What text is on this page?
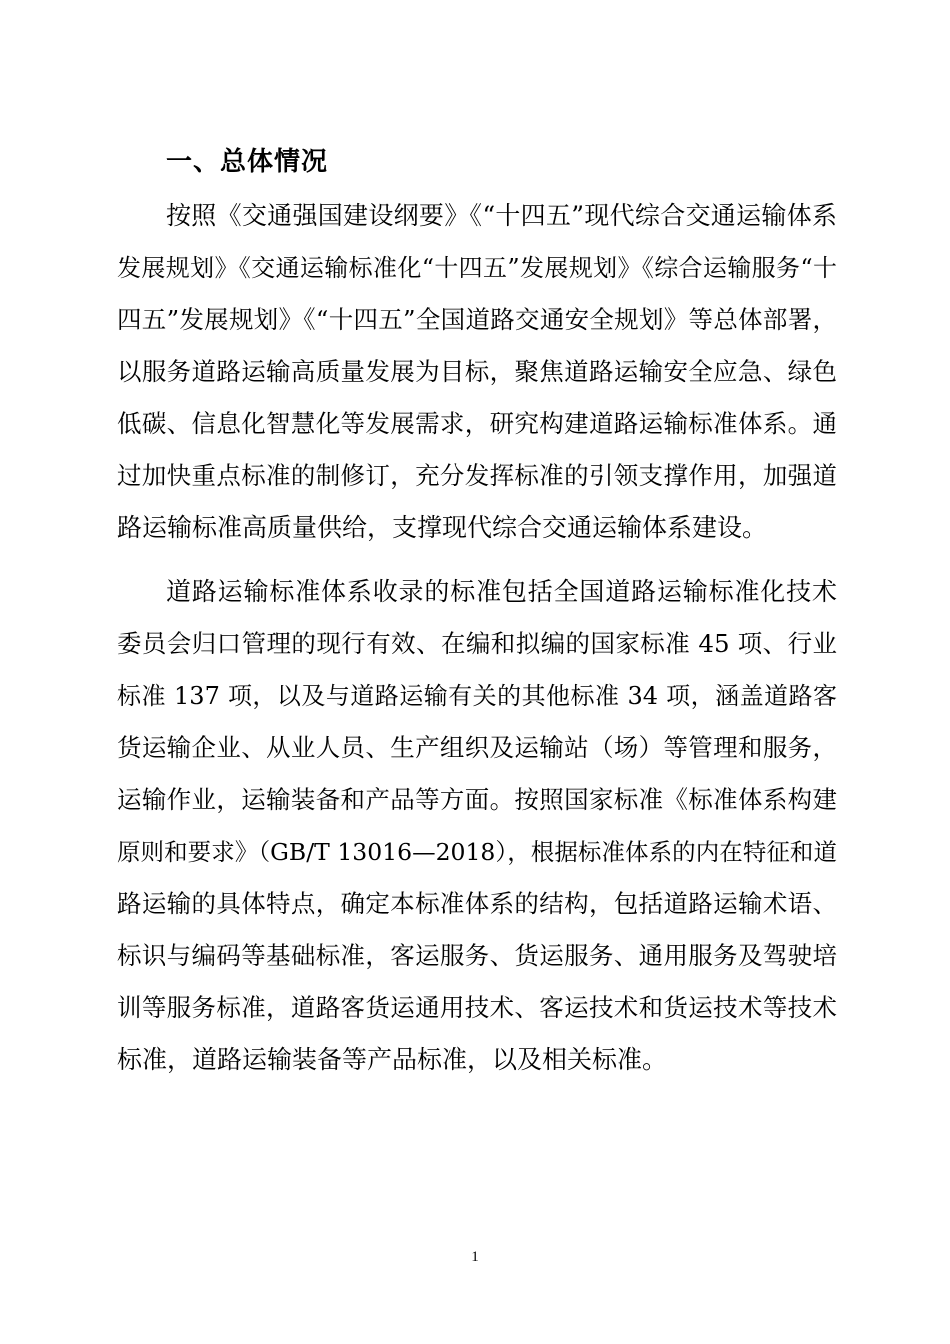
一、总体情况
按照《交通强国建设纲要》《“十四五”现代综合交通运输体系
发展规划》《交通运输标准化“十四五”发展规划》《综合运输服务“十
四五”发展规划》《“十四五”全国道路交通安全规划》等总体部署，
以服务道路运输高质量发展为目标，聚焦道路运输安全应急、绿色
低碳、信息化智慧化等发展需求，研究构建道路运输标准体系。通
过加快重点标准的制修订，充分发挥标准的引领支撑作用，加强道
路运输标准高质量供给，支撑现代综合交通运输体系建设。
道路运输标准体系收录的标准包括全国道路运输标准化技术
委员会归口管理的现行有效、在编和拟编的国家标准 45 项、行业
标准 137 项，以及与道路运输有关的其他标准 34 项，涵盖道路客
货运输企业、从业人员、生产组织及运输站（场）等管理和服务，
运输作业，运输装备和产品等方面。按照国家标准《标准体系构建
原则和要求》（GB/T 13016—2018），根据标准体系的内在特征和道
路运输的具体特点，确定本标准体系的结构，包括道路运输术语、
标识与编码等基础标准，客运服务、货运服务、通用服务及驾驶培
训等服务标准，道路客货运通用技术、客运技术和货运技术等技术
标准，道路运输装备等产品标准，以及相关标准。
1
